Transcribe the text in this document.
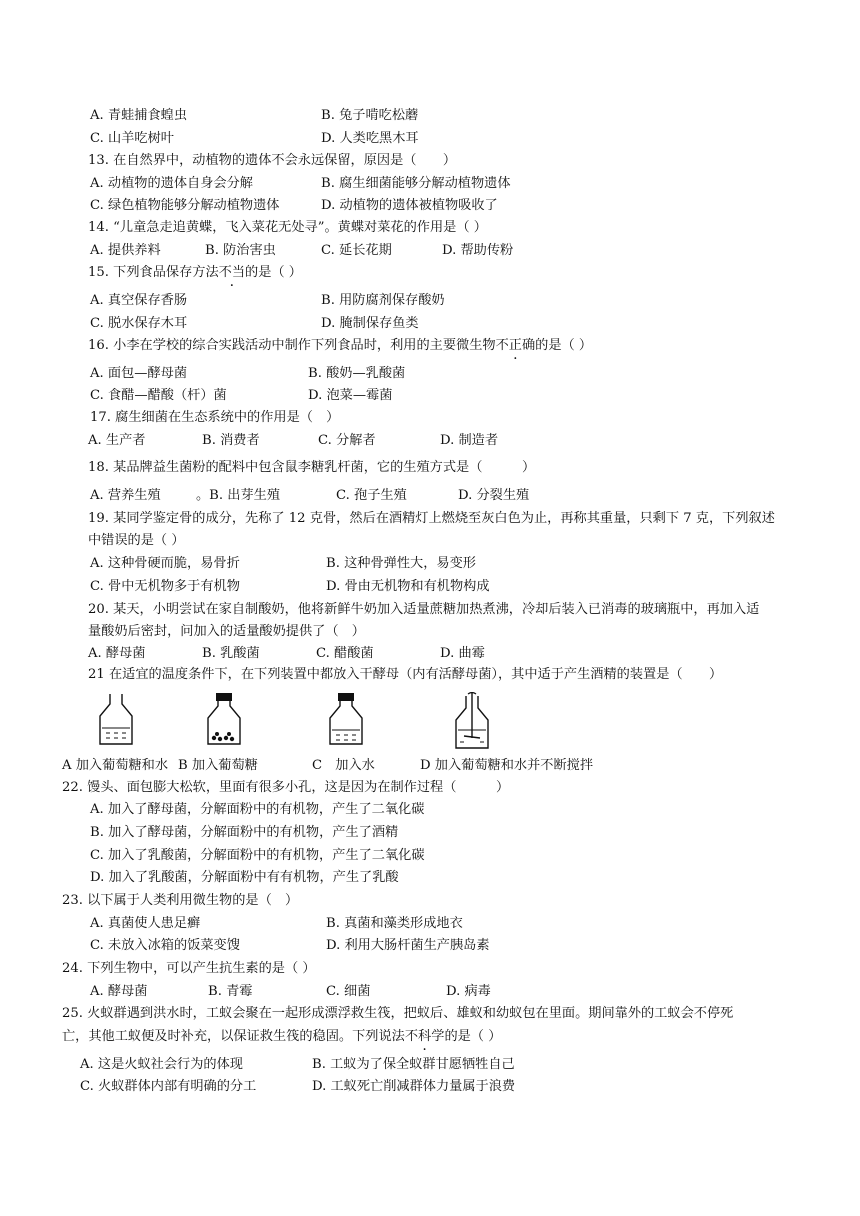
A. 青蛙捕食蝗虫	B. 兔子啃吃松蘑
C. 山羊吃树叶	D. 人类吃黑木耳
13. 在自然界中，动植物的遗体不会永远保留，原因是（　　）
A. 动植物的遗体自身会分解	B. 腐生细菌能够分解动植物遗体
C. 绿色植物能够分解动植物遗体	D. 动植物的遗体被植物吸收了
14. “儿童急走追黄蝶，飞入菜花无处寻”。黄蝶对菜花的作用是（ ）
A. 提供养料	B. 防治害虫	C. 延长花期	D. 帮助传粉
15. 下列食品保存方法不当的是（ ）
A. 真空保存香肠	B. 用防腐剂保存酸奶
C. 脱水保存木耳	D. 腌制保存鱼类
16. 小李在学校的综合实践活动中制作下列食品时，利用的主要微生物不正确的是（ ）
A. 面包—酵母菌	B. 酸奶—乳酸菌
C. 食醋—醋酸（杆）菌	D. 泡菜—霉菌
17. 腐生细菌在生态系统中的作用是（　）
A. 生产者	B. 消费者	C. 分解者	D. 制造者
18. 某品牌益生菌粉的配料中包含鼠李糖乳杆菌，它的生殖方式是（　　　）
A. 营养生殖	。B. 出芽生殖	C. 孢子生殖	D. 分裂生殖
19. 某同学鉴定骨的成分，先称了 12 克骨，然后在酒精灯上燃烧至灰白色为止，再称其重量，只剩下 7 克，下列叙述
中错误的是（ ）
A. 这种骨硬而脆，易骨折	B. 这种骨弹性大，易变形
C. 骨中无机物多于有机物	D. 骨由无机物和有机物构成
20. 某天，小明尝试在家自制酸奶，他将新鲜牛奶加入适量蔗糖加热煮沸，冷却后装入已消毒的玻璃瓶中，再加入适
量酸奶后密封，问加入的适量酸奶提供了（　）
A. 酵母菌	B. 乳酸菌	C. 醋酸菌	D. 曲霉
21 在适宜的温度条件下，在下列装置中都放入干酵母（内有活酵母菌），其中适于产生酒精的装置是（　　）
A 加入葡萄糖和水 B 加入葡萄糖	C　加入水	D 加入葡萄糖和水并不断搅拌
22. 馒头、面包膨大松软，里面有很多小孔，这是因为在制作过程（　　　）
A. 加入了酵母菌，分解面粉中的有机物，产生了二氧化碳
B. 加入了酵母菌，分解面粉中的有机物，产生了酒精
C. 加入了乳酸菌，分解面粉中的有机物，产生了二氧化碳
D. 加入了乳酸菌，分解面粉中有有机物，产生了乳酸
23. 以下属于人类利用微生物的是（　）
A. 真菌使人患足癣	B. 真菌和藻类形成地衣
C. 未放入冰箱的饭菜变馊	D. 利用大肠杆菌生产胰岛素
24. 下列生物中，可以产生抗生素的是（ ）
A. 酵母菌	B. 青霉	C. 细菌	D. 病毒
25. 火蚁群遇到洪水时，工蚁会聚在一起形成漂浮救生筏，把蚁后、雄蚁和幼蚁包在里面。期间靠外的工蚁会不停死
亡，其他工蚁便及时补充，以保证救生筏的稳固。下列说法不科学的是（ ）
A. 这是火蚁社会行为的体现	B. 工蚁为了保全蚁群甘愿牺牲自己
C. 火蚁群体内部有明确的分工	D. 工蚁死亡削减群体力量属于浪费
